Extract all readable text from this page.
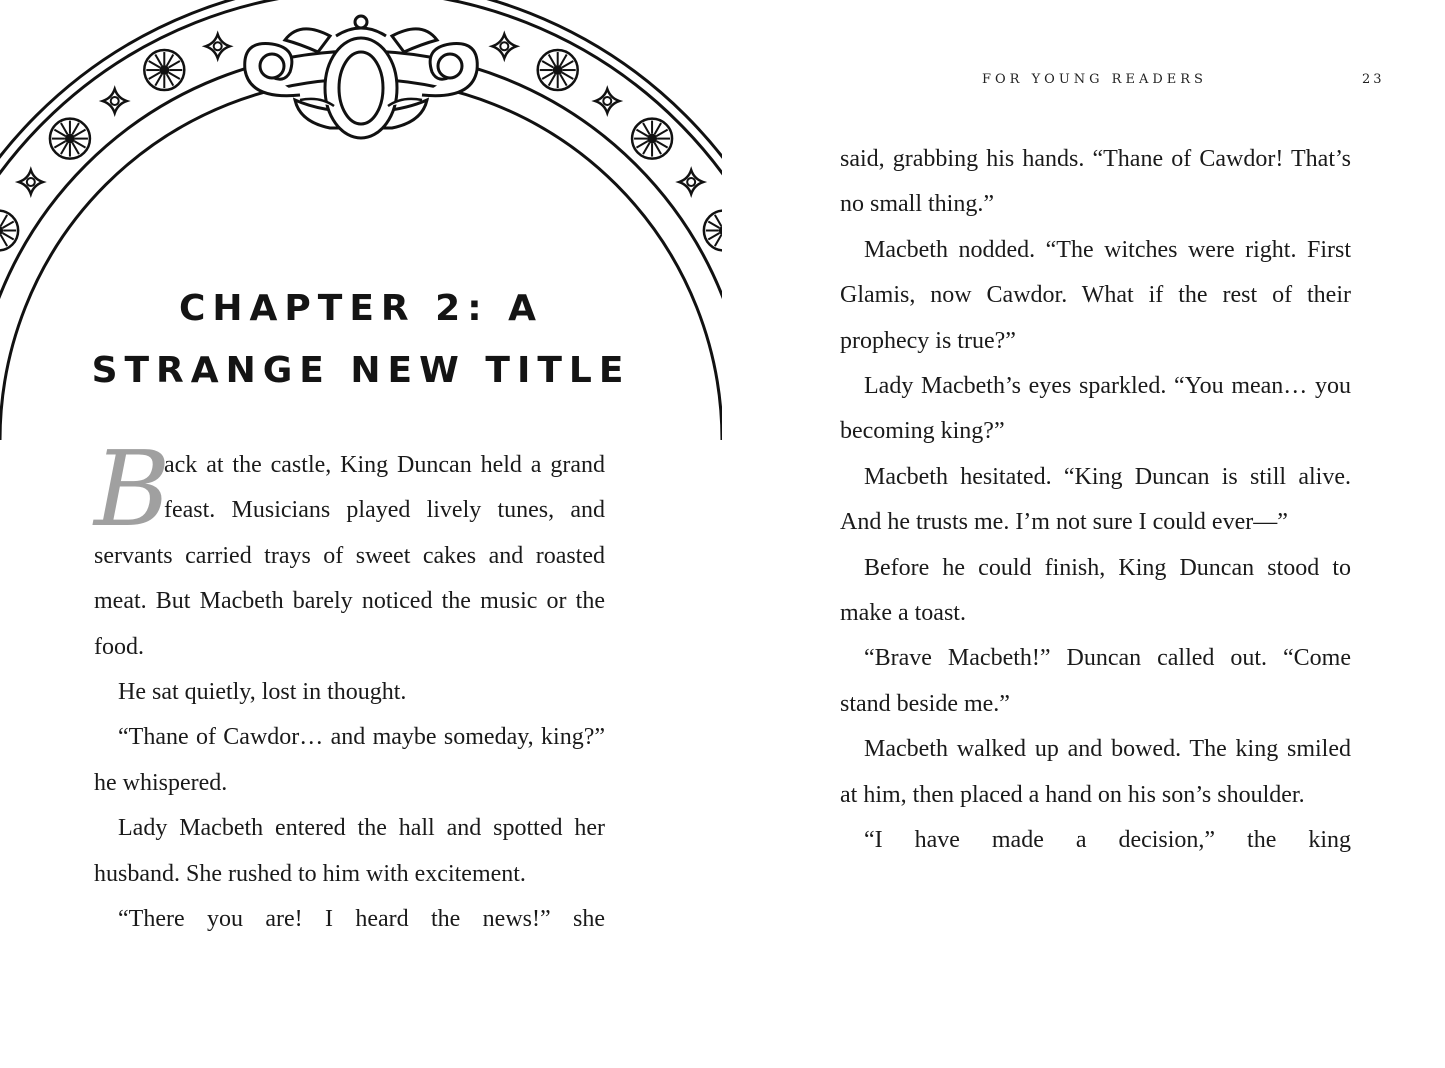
CHAPTER 2: A
STRANGE NEW TITLE

B
ack at the castle, King Duncan held a grand feast. Musicians played lively tunes, and servants carried trays of sweet cakes and roasted meat. But Macbeth barely noticed the music or the food.

He sat quietly, lost in thought.

“Thane of Cawdor… and maybe someday, king?” he whispered.

Lady Macbeth entered the hall and spotted her husband. She rushed to him with excitement.

“There you are! I heard the news!” she

FOR YOUNG READERS	23

said, grabbing his hands. “Thane of Cawdor! That’s no small thing.”

Macbeth nodded. “The witches were right. First Glamis, now Cawdor. What if the rest of their prophecy is true?”

Lady Macbeth’s eyes sparkled. “You mean… you becoming king?”

Macbeth hesitated. “King Duncan is still alive. And he trusts me. I’m not sure I could ever—”

Before he could finish, King Duncan stood to make a toast.

“Brave Macbeth!” Duncan called out. “Come stand beside me.”

Macbeth walked up and bowed. The king smiled at him, then placed a hand on his son’s shoulder.

“I have made a decision,” the king
